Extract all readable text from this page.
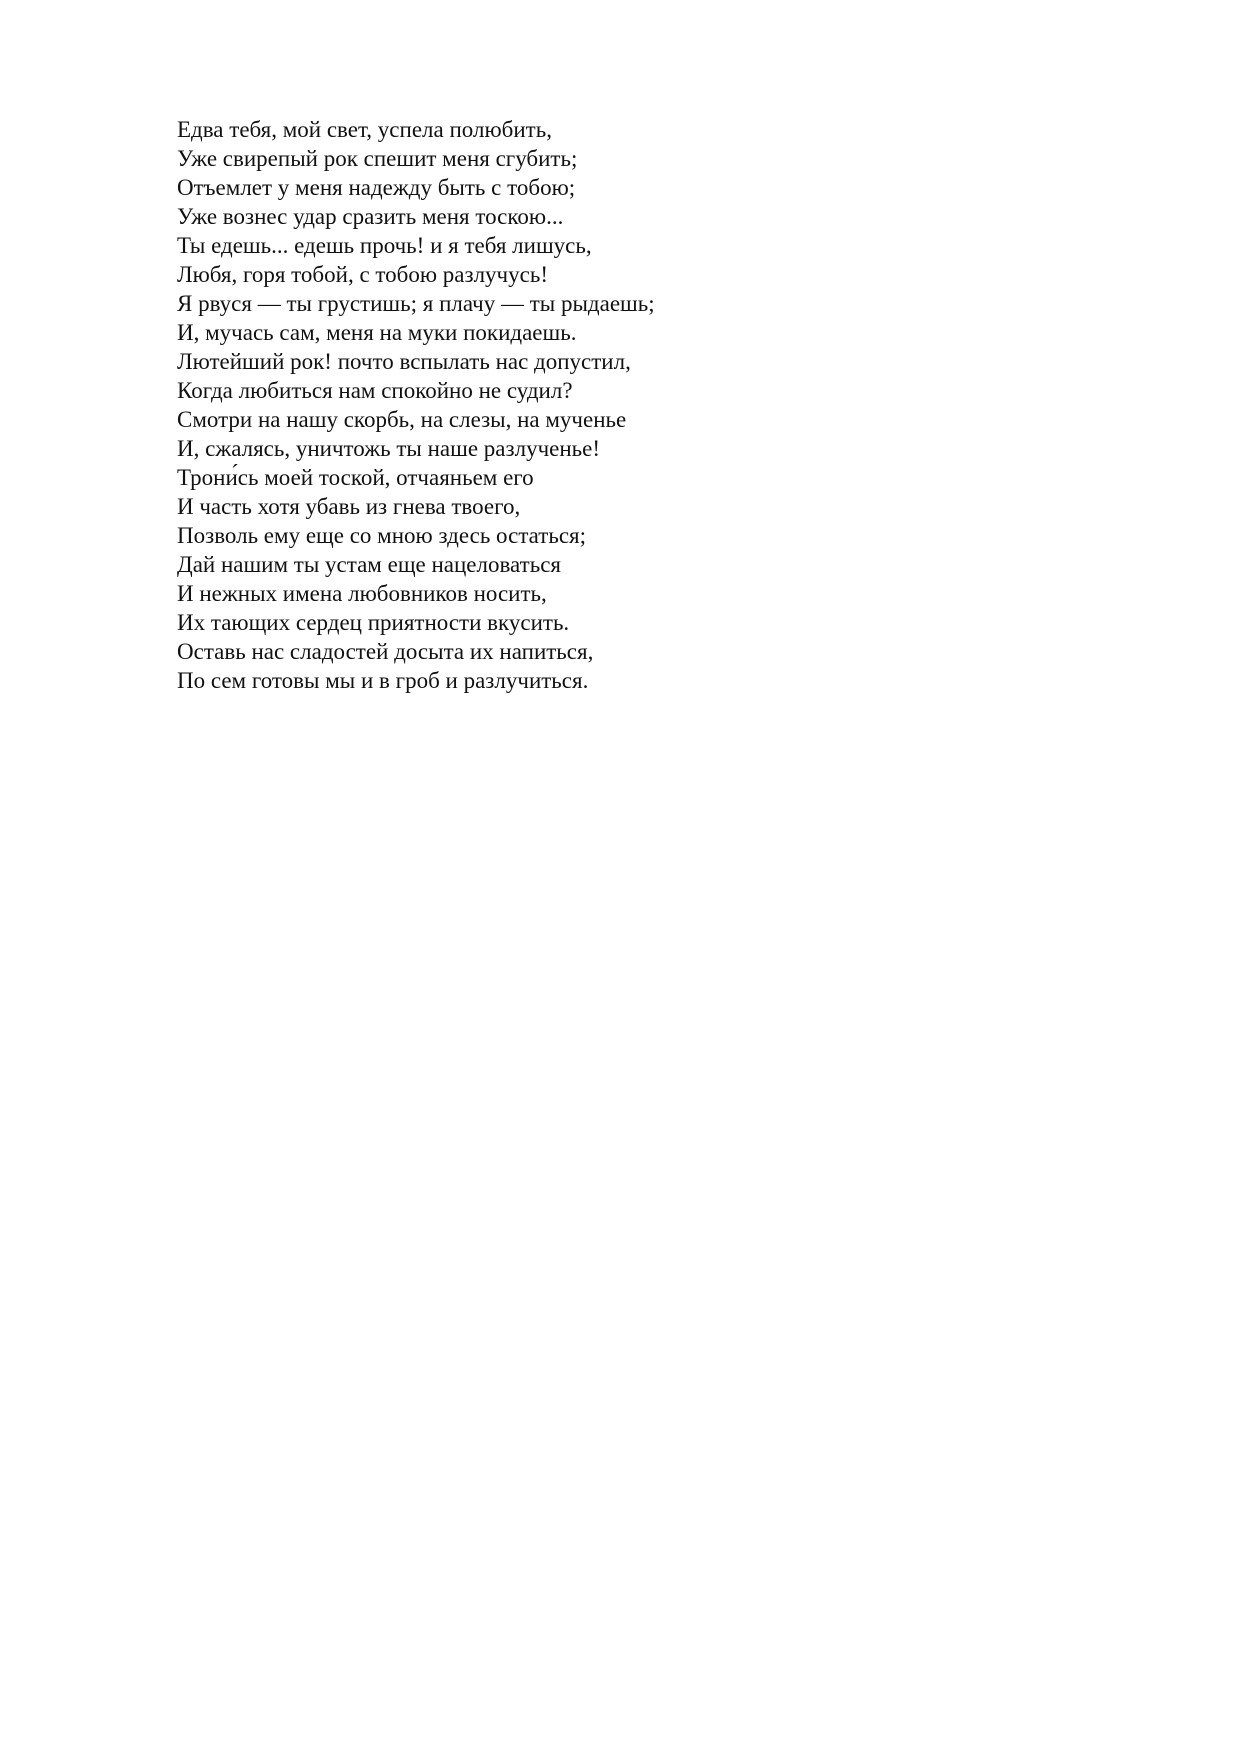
Едва тебя, мой свет, успела полюбить,
Уже свирепый рок спешит меня сгубить;
Отъемлет у меня надежду быть с тобою;
Уже вознес удар сразить меня тоскою...
Ты едешь... едешь прочь! и я тебя лишусь,
Любя, горя тобой, с тобою разлучусь!
Я рвуся — ты грустишь; я плачу — ты рыдаешь;
И, мучась сам, меня на муки покидаешь.
Лютейший рок! почто вспылать нас допустил,
Когда любиться нам спокойно не судил?
Смотри на нашу скорбь, на слезы, на мученье
И, сжалясь, уничтожь ты наше разлученье!
Трони́сь моей тоской, отчаяньем его
И часть хотя убавь из гнева твоего,
Позволь ему еще со мною здесь остаться;
Дай нашим ты устам еще нацеловаться
И нежных имена любовников носить,
Их тающих сердец приятности вкусить.
Оставь нас сладостей досыта их напиться,
По сем готовы мы и в гроб и разлучиться.
